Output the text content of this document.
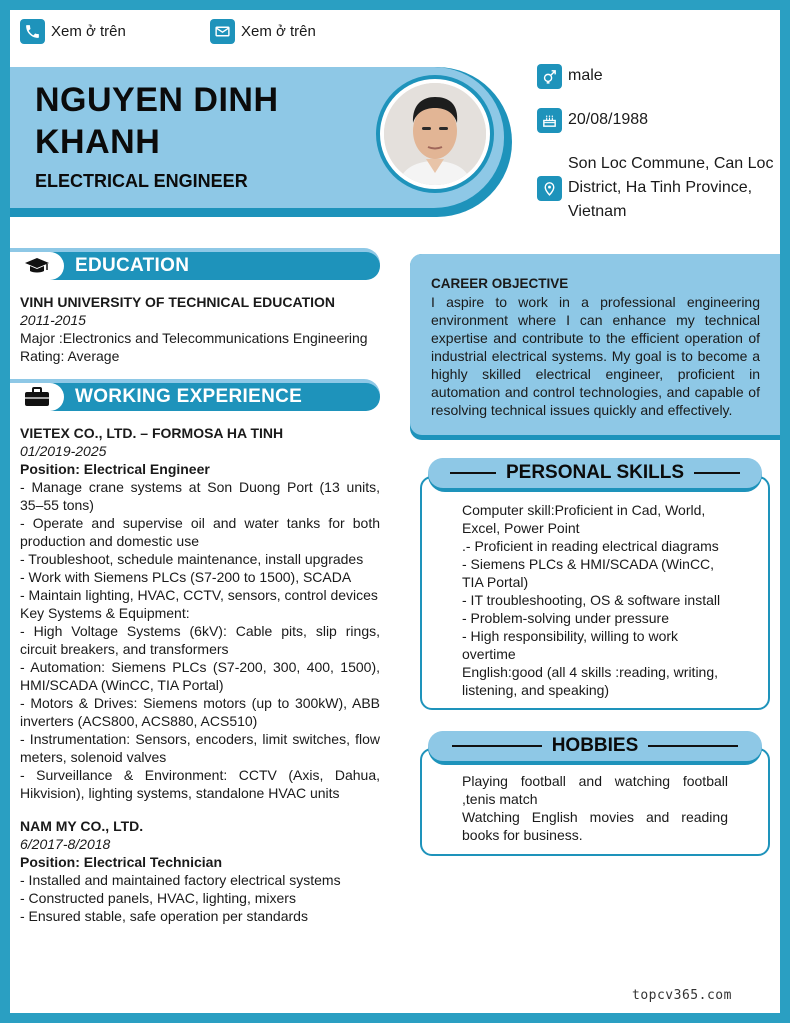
Xem ở trên	Xem ở trên
NGUYEN DINH KHANH
ELECTRICAL ENGINEER
male
20/08/1988
Son Loc Commune, Can Loc District, Ha Tinh Province, Vietnam
EDUCATION
VINH UNIVERSITY OF TECHNICAL EDUCATION
2011-2015
Major :Electronics and Telecommunications Engineering
Rating: Average
WORKING EXPERIENCE
VIETEX CO., LTD. – FORMOSA HA TINH
01/2019-2025
Position: Electrical Engineer
- Manage crane systems at Son Duong Port (13 units, 35–55 tons)
- Operate and supervise oil and water tanks for both production and domestic use
- Troubleshoot, schedule maintenance, install upgrades
- Work with Siemens PLCs (S7-200 to 1500), SCADA
- Maintain lighting, HVAC, CCTV, sensors, control devices
Key Systems & Equipment:
- High Voltage Systems (6kV): Cable pits, slip rings, circuit breakers, and transformers
- Automation: Siemens PLCs (S7-200, 300, 400, 1500), HMI/SCADA (WinCC, TIA Portal)
- Motors & Drives: Siemens motors (up to 300kW), ABB inverters (ACS800, ACS880, ACS510)
- Instrumentation: Sensors, encoders, limit switches, flow meters, solenoid valves
- Surveillance & Environment: CCTV (Axis, Dahua, Hikvision), lighting systems, standalone HVAC units
NAM MY CO., LTD.
6/2017-8/2018
Position: Electrical Technician
- Installed and maintained factory electrical systems
- Constructed panels, HVAC, lighting, mixers
- Ensured stable, safe operation per standards
CAREER OBJECTIVE
I aspire to work in a professional engineering environment where I can enhance my technical expertise and contribute to the efficient operation of industrial electrical systems. My goal is to become a highly skilled electrical engineer, proficient in automation and control technologies, and capable of resolving technical issues quickly and effectively.
PERSONAL SKILLS
Computer skill:Proficient in Cad, World, Excel, Power Point
.- Proficient in reading electrical diagrams
- Siemens PLCs & HMI/SCADA (WinCC, TIA Portal)
- IT troubleshooting, OS & software install
- Problem-solving under pressure
- High responsibility, willing to work overtime
English:good (all 4 skills :reading, writing, listening, and speaking)
HOBBIES
Playing football and watching football ,tenis match
Watching English movies and reading books for business.
topcv365.com
